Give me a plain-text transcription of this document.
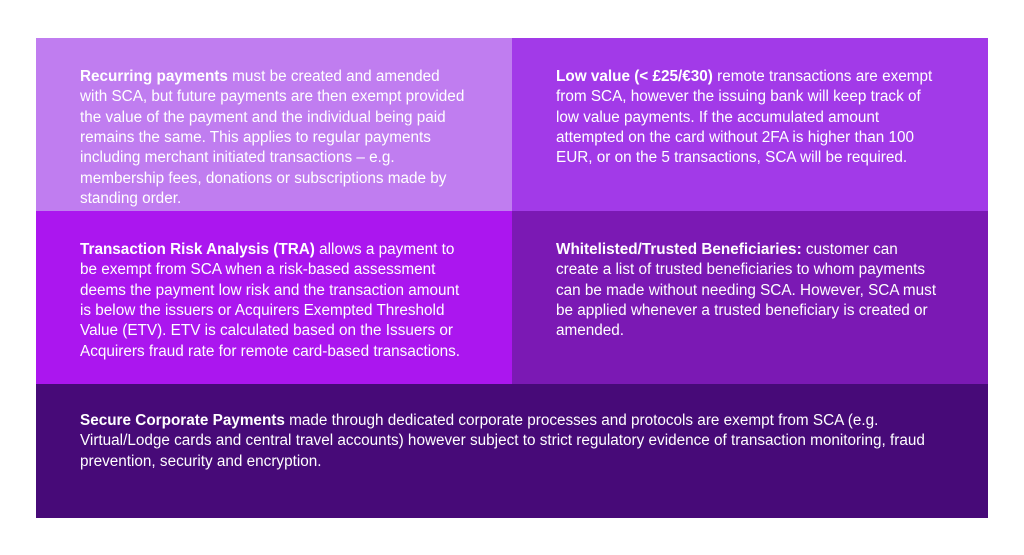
Recurring payments must be created and amended with SCA, but future payments are then exempt provided the value of the payment and the individual being paid remains the same. This applies to regular payments including merchant initiated transactions – e.g. membership fees, donations or subscriptions made by standing order.

Low value (< £25/€30) remote transactions are exempt from SCA, however the issuing bank will keep track of low value payments. If the accumulated amount attempted on the card without 2FA is higher than 100 EUR, or on the 5 transactions, SCA will be required.

Transaction Risk Analysis (TRA) allows a payment to be exempt from SCA when a risk-based assessment deems the payment low risk and the transaction amount is below the issuers or Acquirers Exempted Threshold Value (ETV). ETV is calculated based on the Issuers or Acquirers fraud rate for remote card-based transactions.

Whitelisted/Trusted Beneficiaries: customer can create a list of trusted beneficiaries to whom payments can be made without needing SCA. However, SCA must be applied whenever a trusted beneficiary is created or amended.

Secure Corporate Payments made through dedicated corporate processes and protocols are exempt from SCA (e.g. Virtual/Lodge cards and central travel accounts) however subject to strict regulatory evidence of transaction monitoring, fraud prevention, security and encryption.
